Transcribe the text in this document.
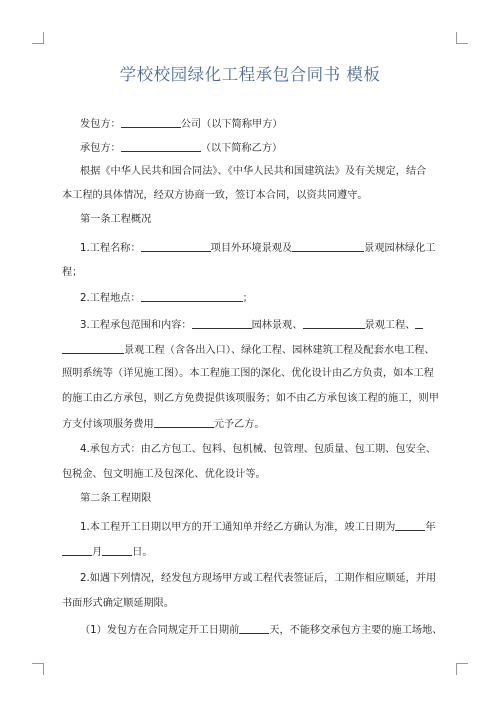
学校校园绿化工程承包合同书 模板
发包方：	公司（以下简称甲方）
承包方：	（以下简称乙方）
根据《中华人民共和国合同法》、《中华人民共和国建筑法》及有关规定，结合
本工程的具体情况，经双方协商一致，签订本合同，以资共同遵守。
第一条工程概况
1.工程名称：	项目外环境景观及	景观园林绿化工
程；
2.工程地点：	；
3.工程承包范围和内容：	园林景观、	景观工程、
景观工程（含各出入口）、绿化工程、园林建筑工程及配套水电工程、
照明系统等（详见施工图）。本工程施工图的深化、优化设计由乙方负责，如本工程
的施工由乙方承包，则乙方免费提供该项服务；如不由乙方承包该工程的施工，则甲
方支付该项服务费用	元予乙方。
4.承包方式：由乙方包工、包料、包机械、包管理、包质量、包工期、包安全、
包税金、包文明施工及包深化、优化设计等。
第二条工程期限
1.本工程开工日期以甲方的开工通知单并经乙方确认为准，竣工日期为	年
月	日。
2.如遇下列情况，经发包方现场甲方或工程代表签证后，工期作相应顺延，并用
书面形式确定顺延期限。
（1）发包方在合同规定开工日期前	天，不能移交承包方主要的施工场地、
